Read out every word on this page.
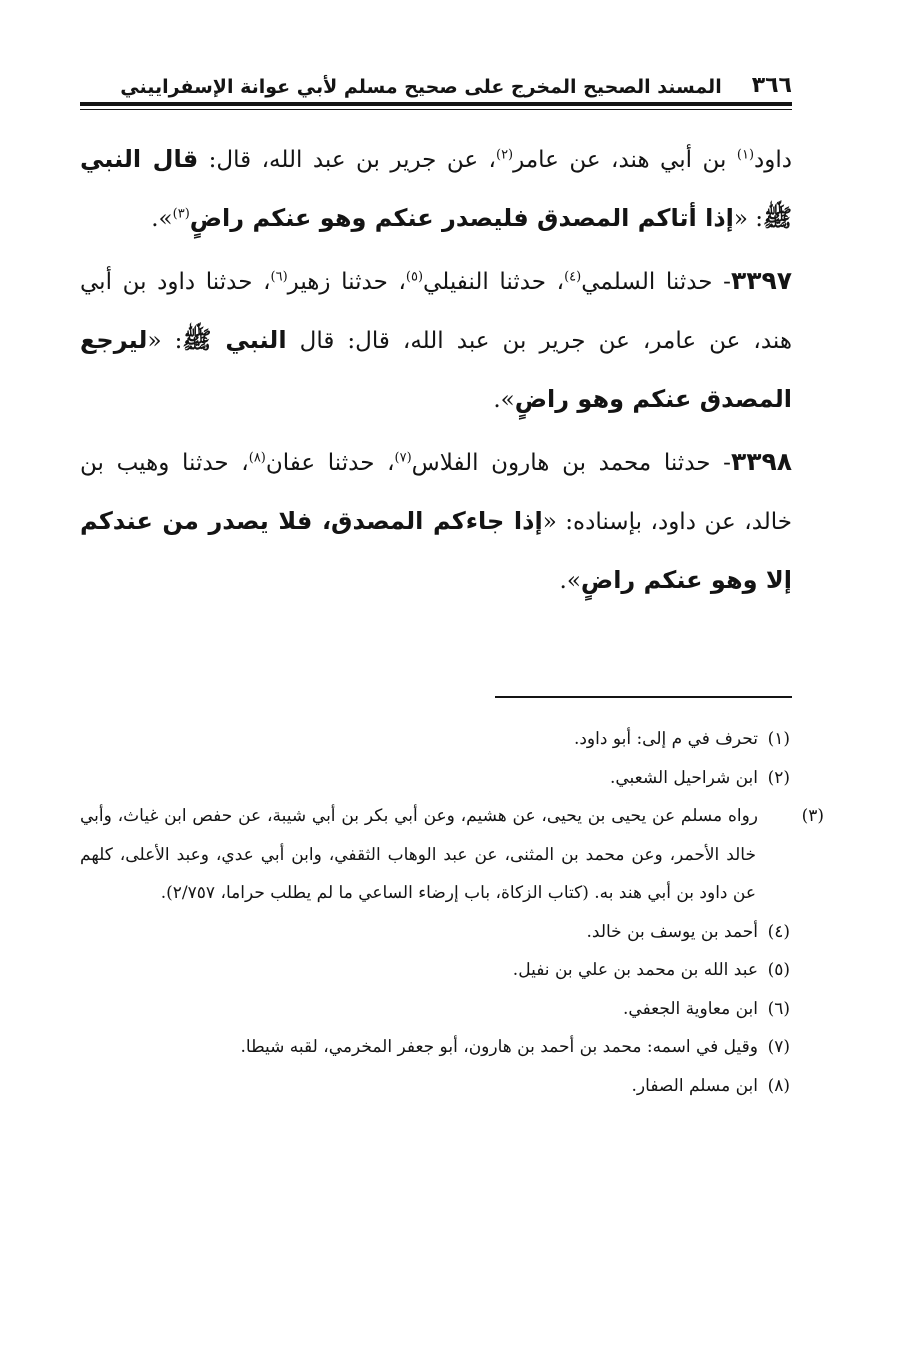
٣٦٦
المسند الصحيح المخرج على صحيح مسلم لأبي عوانة الإسفراييني

داود$^{(١)}$ بن أبي هند، عن عامر$^{(٢)}$، عن جرير بن عبد الله، قال: قال النبي ﷺ: «إذا أتاكم المصدق فليصدر عنكم وهو عنكم راضٍ$^{(٣)}$».

٣٣٩٧- حدثنا السلمي$^{(٤)}$، حدثنا النفيلي$^{(٥)}$، حدثنا زهير$^{(٦)}$، حدثنا داود بن أبي هند، عن عامر، عن جرير بن عبد الله، قال: قال النبي ﷺ: «ليرجع المصدق عنكم وهو راضٍ».

٣٣٩٨- حدثنا محمد بن هارون الفلاس$^{(٧)}$، حدثنا عفان$^{(٨)}$، حدثنا وهيب بن خالد، عن داود، بإسناده: «إذا جاءكم المصدق، فلا يصدر من عندكم إلا وهو عنكم راضٍ».

(١)تحرف في م إلى: أبو داود.

(٢)ابن شراحيل الشعبي.

(٣)رواه مسلم عن يحيى بن يحيى، عن هشيم، وعن أبي بكر بن أبي شيبة، عن حفص ابن غياث، وأبي خالد الأحمر، وعن محمد بن المثنى، عن عبد الوهاب الثقفي، وابن أبي عدي، وعبد الأعلى، كلهم عن داود بن أبي هند به. (كتاب الزكاة، باب إرضاء الساعي ما لم يطلب حراما، ٢/٧٥٧).

(٤)أحمد بن يوسف بن خالد.

(٥)عبد الله بن محمد بن علي بن نفيل.

(٦)ابن معاوية الجعفي.

(٧)وقيل في اسمه: محمد بن أحمد بن هارون، أبو جعفر المخرمي، لقبه شيطا.

(٨)ابن مسلم الصفار.
